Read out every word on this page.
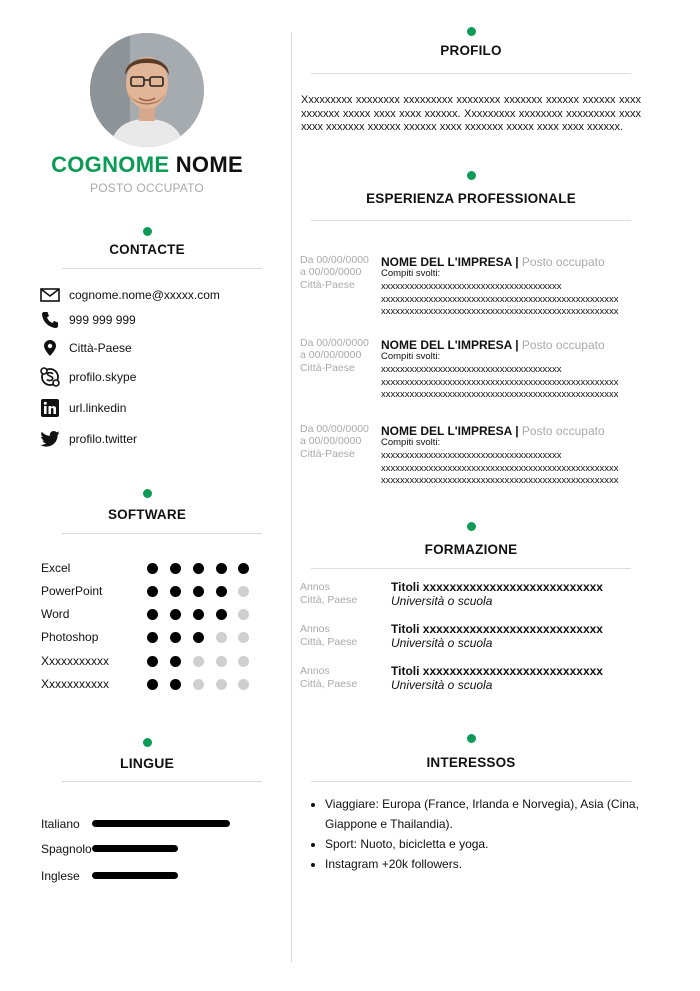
COGNOME NOME
POSTO OCCUPATO
CONTACTE
cognome.nome@xxxxx.com
999 999 999
Città-Paese
profilo.skype
url.linkedin
profilo.twitter
SOFTWARE
Excel
PowerPoint
Word
Photoshop
Xxxxxxxxxxx
Xxxxxxxxxxx
LINGUE
Italiano
Spagnolo
Inglese
PROFILO
Xxxxxxxxx xxxxxxxx xxxxxxxxx xxxxxxxx xxxxxxx xxxxxx xxxxxx xxxx xxxxxxx xxxxx xxxx xxxx xxxxxx. Xxxxxxxxx xxxxxxxx xxxxxxxxx xxxxxxxx xxxxxxx xxxxxx xxxxxx xxxx xxxxxxx xxxxx xxxx xxxx xxxxxx.
ESPERIENZA PROFESSIONALE
Da 00/00/0000
a 00/00/0000
Città-Paese
NOME DEL L'IMPRESA | Posto occupato
Compiti svolti:
xxxxxxxxxxxxxxxxxxxxxxxxxxxxxxxxxxxxxx
xxxxxxxxxxxxxxxxxxxxxxxxxxxxxxxxxxxxxxxxxxxxxxxxxx
xxxxxxxxxxxxxxxxxxxxxxxxxxxxxxxxxxxxxxxxxxxxxxxxxx
Da 00/00/0000
a 00/00/0000
Città-Paese
NOME DEL L'IMPRESA | Posto occupato
Compiti svolti:
xxxxxxxxxxxxxxxxxxxxxxxxxxxxxxxxxxxxxx
xxxxxxxxxxxxxxxxxxxxxxxxxxxxxxxxxxxxxxxxxxxxxxxxxx
xxxxxxxxxxxxxxxxxxxxxxxxxxxxxxxxxxxxxxxxxxxxxxxxxx
Da 00/00/0000
a 00/00/0000
Città-Paese
NOME DEL L'IMPRESA | Posto occupato
Compiti svolti:
xxxxxxxxxxxxxxxxxxxxxxxxxxxxxxxxxxxxxx
xxxxxxxxxxxxxxxxxxxxxxxxxxxxxxxxxxxxxxxxxxxxxxxxxx
xxxxxxxxxxxxxxxxxxxxxxxxxxxxxxxxxxxxxxxxxxxxxxxxxx
FORMAZIONE
Annos
Città, Paese
Titoli xxxxxxxxxxxxxxxxxxxxxxxxxxx
Università o scuola
Annos
Città, Paese
Titoli xxxxxxxxxxxxxxxxxxxxxxxxxxx
Università o scuola
Annos
Città, Paese
Titoli xxxxxxxxxxxxxxxxxxxxxxxxxxx
Università o scuola
INTERESSOS
• Viaggiare: Europa (France, Irlanda e Norvegia), Asia (Cina, Giappone e Thailandia).
• Sport: Nuoto, bicicletta e yoga.
• Instagram +20k followers.
